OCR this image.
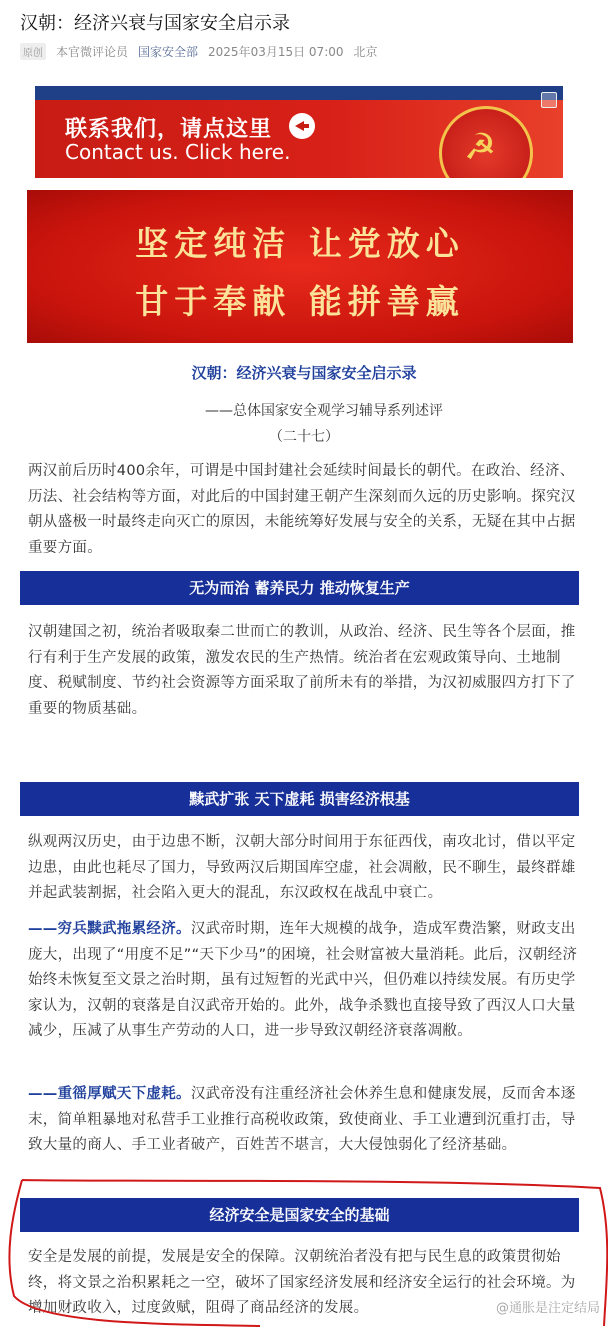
汉朝：经济兴衰与国家安全启示录
原创 本官微评论员 国家安全部 2025年03月15日 07:00 北京
联系我们，请点这里
Contact us. Click here.	☭
坚定纯洁 让党放心
甘于奉献 能拼善赢
汉朝：经济兴衰与国家安全启示录
——总体国家安全观学习辅导系列述评
（二十七）
两汉前后历时400余年，可谓是中国封建社会延续时间最长的朝代。在政治、经济、历法、社会结构等方面，对此后的中国封建王朝产生深刻而久远的历史影响。探究汉朝从盛极一时最终走向灭亡的原因，未能统筹好发展与安全的关系，无疑在其中占据重要方面。
无为而治 蓄养民力 推动恢复生产
汉朝建国之初，统治者吸取秦二世而亡的教训，从政治、经济、民生等各个层面，推行有利于生产发展的政策，激发农民的生产热情。统治者在宏观政策导向、土地制度、税赋制度、节约社会资源等方面采取了前所未有的举措，为汉初威服四方打下了重要的物质基础。
黩武扩张 天下虚耗 损害经济根基
纵观两汉历史，由于边患不断，汉朝大部分时间用于东征西伐，南攻北讨，借以平定边患，由此也耗尽了国力，导致两汉后期国库空虚，社会凋敝，民不聊生，最终群雄并起武装割据，社会陷入更大的混乱，东汉政权在战乱中衰亡。
——穷兵黩武拖累经济。汉武帝时期，连年大规模的战争，造成军费浩繁，财政支出庞大，出现了“用度不足”“天下少马”的困境，社会财富被大量消耗。此后，汉朝经济始终未恢复至文景之治时期，虽有过短暂的光武中兴，但仍难以持续发展。有历史学家认为，汉朝的衰落是自汉武帝开始的。此外，战争杀戮也直接导致了西汉人口大量减少，压减了从事生产劳动的人口，进一步导致汉朝经济衰落凋敝。
——重徭厚赋天下虚耗。汉武帝没有注重经济社会休养生息和健康发展，反而舍本逐末，简单粗暴地对私营手工业推行高税收政策，致使商业、手工业遭到沉重打击，导致大量的商人、手工业者破产，百姓苦不堪言，大大侵蚀弱化了经济基础。
经济安全是国家安全的基础
安全是发展的前提，发展是安全的保障。汉朝统治者没有把与民生息的政策贯彻始终，将文景之治积累耗之一空，破坏了国家经济发展和经济安全运行的社会环境。为增加财政收入，过度敛赋，阻碍了商品经济的发展。	@通胀是注定结局
